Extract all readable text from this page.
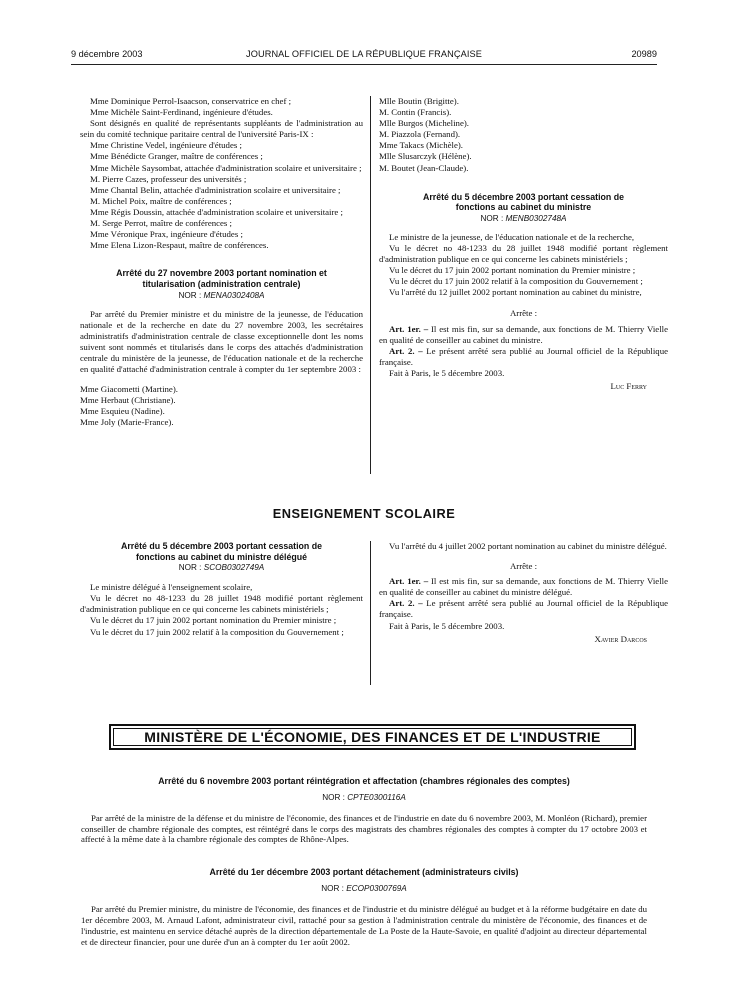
9 décembre 2003	JOURNAL OFFICIEL DE LA RÉPUBLIQUE FRANÇAISE	20989

Mme Dominique Perrol-Isaacson, conservatrice en chef ;

Mme Michèle Saint-Ferdinand, ingénieure d'études.

Sont désignés en qualité de représentants suppléants de l'administration au sein du comité technique paritaire central de l'université Paris-IX :

Mme Christine Vedel, ingénieure d'études ;

Mme Bénédicte Granger, maître de conférences ;

Mme Michèle Saysombat, attachée d'administration scolaire et universitaire ;

M. Pierre Cazes, professeur des universités ;

Mme Chantal Belin, attachée d'administration scolaire et universitaire ;

M. Michel Poix, maître de conférences ;

Mme Régis Doussin, attachée d'administration scolaire et universitaire ;

M. Serge Perrot, maître de conférences ;

Mme Véronique Prax, ingénieure d'études ;

Mme Elena Lizon-Respaut, maître de conférences.

Arrêté du 27 novembre 2003 portant nomination et titularisation (administration centrale)

NOR : MENA0302408A

Par arrêté du Premier ministre et du ministre de la jeunesse, de l'éducation nationale et de la recherche en date du 27 novembre 2003, les secrétaires administratifs d'administration centrale de classe exceptionnelle dont les noms suivent sont nommés et titularisés dans le corps des attachés d'administration centrale du ministère de la jeunesse, de l'éducation nationale et de la recherche en qualité d'attaché d'administration centrale à compter du 1er septembre 2003 :

Mme Giacometti (Martine).

Mme Herbaut (Christiane).

Mme Esquieu (Nadine).

Mme Joly (Marie-France).

Mlle Boutin (Brigitte).

M. Contin (Francis).

Mlle Burgos (Micheline).

M. Piazzola (Fernand).

Mme Takacs (Michèle).

Mlle Slusarczyk (Hélène).

M. Boutet (Jean-Claude).

Arrêté du 5 décembre 2003 portant cessation de fonctions au cabinet du ministre

NOR : MENB0302748A

Le ministre de la jeunesse, de l'éducation nationale et de la recherche,

Vu le décret no 48-1233 du 28 juillet 1948 modifié portant règlement d'administration publique en ce qui concerne les cabinets ministériels ;

Vu le décret du 17 juin 2002 portant nomination du Premier ministre ;

Vu le décret du 17 juin 2002 relatif à la composition du Gouvernement ;

Vu l'arrêté du 12 juillet 2002 portant nomination au cabinet du ministre,

Arrête :

Art. 1er. – Il est mis fin, sur sa demande, aux fonctions de M. Thierry Vielle en qualité de conseiller au cabinet du ministre.

Art. 2. – Le présent arrêté sera publié au Journal officiel de la République française.

Fait à Paris, le 5 décembre 2003.

Luc Ferry

ENSEIGNEMENT SCOLAIRE

Arrêté du 5 décembre 2003 portant cessation de fonctions au cabinet du ministre délégué

NOR : SCOB0302749A

Le ministre délégué à l'enseignement scolaire,

Vu le décret no 48-1233 du 28 juillet 1948 modifié portant règlement d'administration publique en ce qui concerne les cabinets ministériels ;

Vu le décret du 17 juin 2002 portant nomination du Premier ministre ;

Vu le décret du 17 juin 2002 relatif à la composition du Gouvernement ;

Vu l'arrêté du 4 juillet 2002 portant nomination au cabinet du ministre délégué.

Arrête :

Art. 1er. – Il est mis fin, sur sa demande, aux fonctions de M. Thierry Vielle en qualité de conseiller au cabinet du ministre délégué.

Art. 2. – Le présent arrêté sera publié au Journal officiel de la République française.

Fait à Paris, le 5 décembre 2003.

Xavier Darcos

MINISTÈRE DE L'ÉCONOMIE, DES FINANCES ET DE L'INDUSTRIE

Arrêté du 6 novembre 2003 portant réintégration et affectation (chambres régionales des comptes)

NOR : CPTE0300116A

Par arrêté de la ministre de la défense et du ministre de l'économie, des finances et de l'industrie en date du 6 novembre 2003, M. Monléon (Richard), premier conseiller de chambre régionale des comptes, est réintégré dans le corps des magistrats des chambres régionales des comptes à compter du 17 octobre 2003 et affecté à la même date à la chambre régionale des comptes de Rhône-Alpes.

Arrêté du 1er décembre 2003 portant détachement (administrateurs civils)

NOR : ECOP0300769A

Par arrêté du Premier ministre, du ministre de l'économie, des finances et de l'industrie et du ministre délégué au budget et à la réforme budgétaire en date du 1er décembre 2003, M. Arnaud Lafont, administrateur civil, rattaché pour sa gestion à l'administration centrale du ministère de l'économie, des finances et de l'industrie, est maintenu en service détaché auprès de la direction départementale de La Poste de la Haute-Savoie, en qualité d'adjoint au directeur départemental et de directeur financier, pour une durée d'un an à compter du 1er août 2002.
